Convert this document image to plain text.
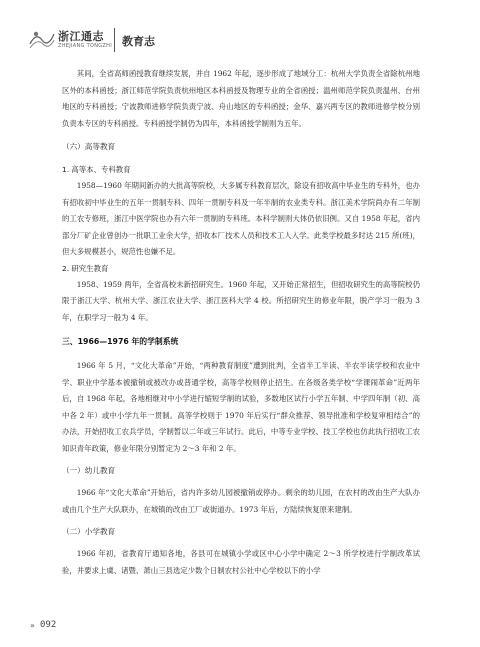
浙江通志
ZHEJIANG TONGZHI 教育志

其间，全省高师函授教育继续发展，并自 1962 年起，逐步形成了地域分工：杭州大学负责全省除杭州地区外的本科函授；浙江师范学院负责杭州地区本科函授及物理专业的全省函授；温州师范学院负责温州、台州地区的专科函授；宁波教师进修学院负责宁波、舟山地区的专科函授；金华、嘉兴两专区的教师进修学校分别负责本专区的专科函授。专科函授学制仍为四年，本科函授学制则为五年。

（六）高等教育

1. 高等本、专科教育

1958—1960 年期间新办的大批高等院校，大多属专科教育层次，除设有招收高中毕业生的专科外，也办有招收初中毕业生的五年一贯制专科、四年一贯制专科及一年半制的农业类专科。浙江美术学院尚办有二年制的工农专修班，浙江中医学院也办有六年一贯制的专科班。本科学制则大体仍依旧例。又自 1958 年起，省内部分厂矿企业曾创办一批职工业余大学，招收本厂技术人员和技术工人入学。此类学校最多时达 215 所(班)，但大多规模甚小，规范性也嫌不足。

2. 研究生教育

1958、1959 两年，全省高校未新招研究生。1960 年起，又开始正常招生，但招收研究生的高等院校仍限于浙江大学、杭州大学、浙江农业大学、浙江医科大学 4 校。所招研究生的修业年限，脱产学习一般为 3 年，在职学习一般为 4 年。

三、1966—1976 年的学制系统

1966 年 5 月，“文化大革命”开始，“两种教育制度”遭到批判，全省半工半读、半农半读学校和农业中学、职业中学基本被撤销或被改办或普通学校，高等学校则停止招生。在各级各类学校“学课闹革命”近两年后，自 1968 年起，各地相继对中小学进行缩短学制的试验，多数地区试行小学五年制、中学四年制（初、高中各 2 年）或中小学九年一贯制。高等学校则于 1970 年后实行“群众推荐、领导批准和学校复审相结合”的办法，开始招收工农兵学员，学制暂以二年或三年试行。此后，中等专业学校、技工学校也仿此执行招收工农知识青年政策，修业年限分别暂定为 2～3 年和 2 年。

（一）幼儿教育

1966 年“文化大革命”开始后，省内许多幼儿园被撤销或停办。剩余的幼儿园，在农村的改由生产大队办或由几个生产大队联办，在城镇的改由工厂或街道办。1973 年后，方陆续恢复原来建制。

（二）小学教育

1966 年初，省教育厅通知各地，各县可在城镇小学或区中心小学中确定 2～3 所学校进行学制改革试验，并要求上虞、诸暨、萧山三县选定少数个日制农村公社中心学校以下的小学

» 092
